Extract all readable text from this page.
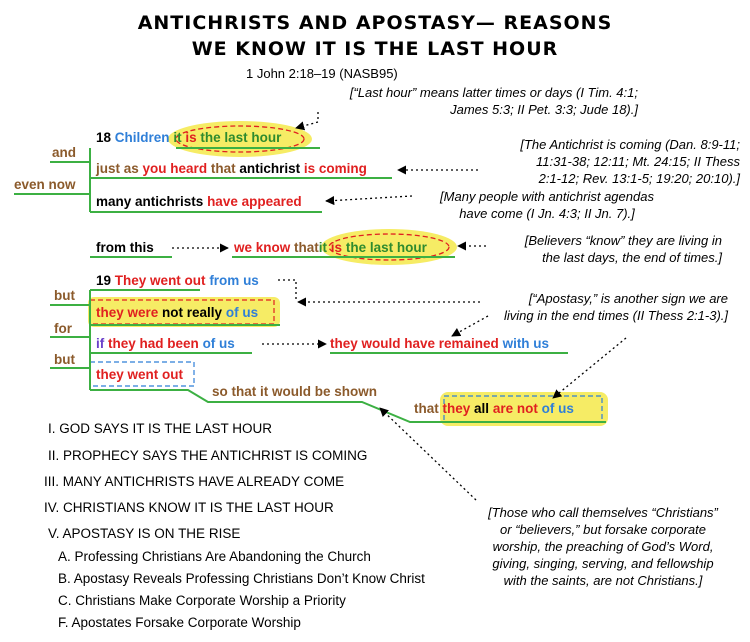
ANTICHRISTS AND APOSTASY— REASONS
WE KNOW IT IS THE LAST HOUR
1 John 2:18–19 (NASB95)
18 Children it is the last hour
and
just as you heard that antichrist is coming
even now
many antichrists have appeared
from this	we know thatit is the last hour
19 They went out from us
but
they were not really of us
for
if they had been of us	they would have remained with us
but
they went out
so that it would be shown
that they all are not of us
[“Last hour” means latter times or days (I Tim. 4:1;
James 5:3; II Pet. 3:3; Jude 18).]
[The Antichrist is coming (Dan. 8:9-11;
11:31-38; 12:11; Mt. 24:15; II Thess
2:1-12; Rev. 13:1-5; 19:20; 20:10).]
[Many people with antichrist agendas
have come (I Jn. 4:3; II Jn. 7).]
[Believers “know” they are living in
the last days, the end of times.]
[“Apostasy,” is another sign we are
living in the end times (II Thess 2:1-3).]
[Those who call themselves “Christians”
or “believers,” but forsake corporate
worship, the preaching of God’s Word,
giving, singing, serving, and fellowship
with the saints, are not Christians.]
I. GOD SAYS IT IS THE LAST HOUR
II. PROPHECY SAYS THE ANTICHRIST IS COMING
III. MANY ANTICHRISTS HAVE ALREADY COME
IV. CHRISTIANS KNOW IT IS THE LAST HOUR
V. APOSTASY IS ON THE RISE
A. Professing Christians Are Abandoning the Church
B. Apostasy Reveals Professing Christians Don’t Know Christ
C. Christians Make Corporate Worship a Priority
F. Apostates Forsake Corporate Worship
